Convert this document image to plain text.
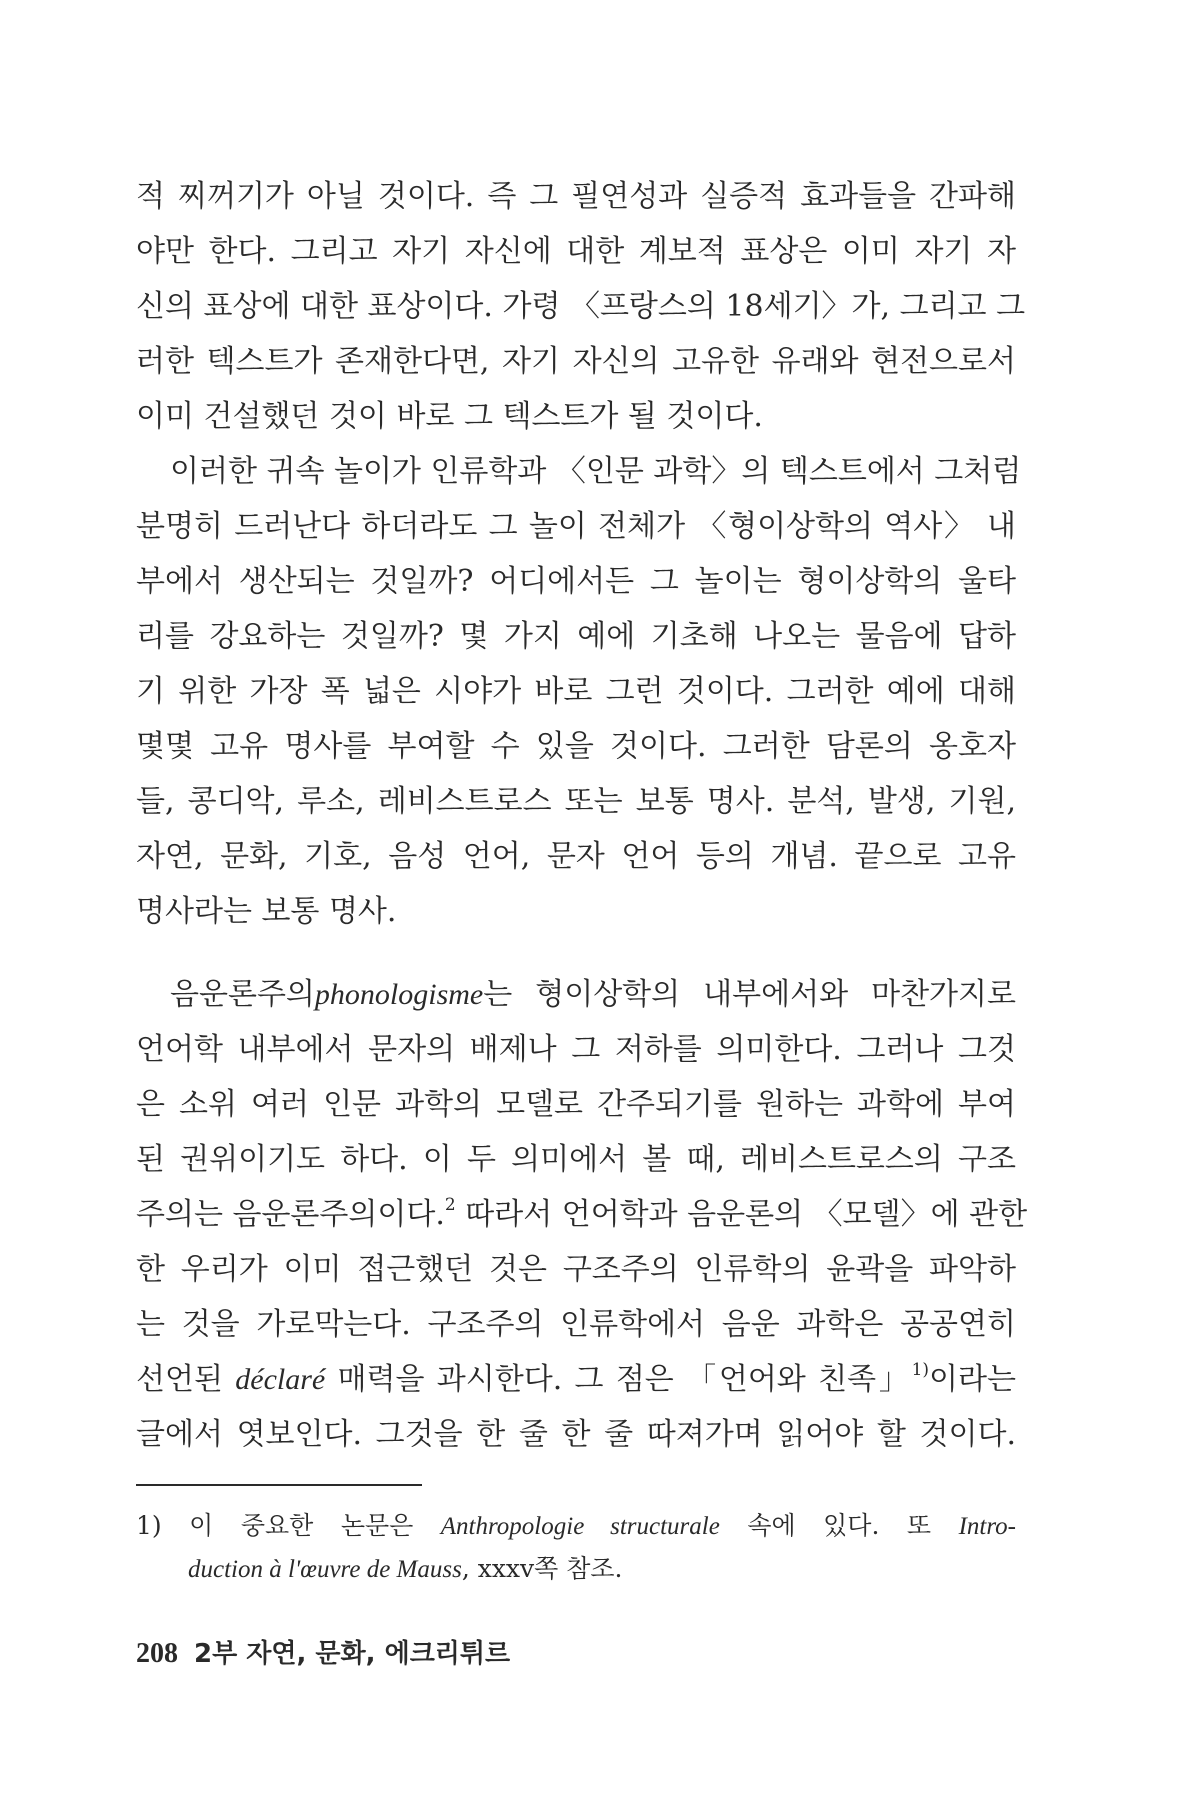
적 찌꺼기가 아닐 것이다. 즉 그 필연성과 실증적 효과들을 간파해
야만 한다. 그리고 자기 자신에 대한 계보적 표상은 이미 자기 자
신의 표상에 대한 표상이다. 가령 〈프랑스의 18세기〉가, 그리고 그
러한 텍스트가 존재한다면, 자기 자신의 고유한 유래와 현전으로서
이미 건설했던 것이 바로 그 텍스트가 될 것이다.
이러한 귀속 놀이가 인류학과 〈인문 과학〉의 텍스트에서 그처럼
분명히 드러난다 하더라도 그 놀이 전체가 〈형이상학의 역사〉 내
부에서 생산되는 것일까? 어디에서든 그 놀이는 형이상학의 울타
리를 강요하는 것일까? 몇 가지 예에 기초해 나오는 물음에 답하
기 위한 가장 폭 넓은 시야가 바로 그런 것이다. 그러한 예에 대해
몇몇 고유 명사를 부여할 수 있을 것이다. 그러한 담론의 옹호자
들, 콩디악, 루소, 레비스트로스 또는 보통 명사. 분석, 발생, 기원,
자연, 문화, 기호, 음성 언어, 문자 언어 등의 개념. 끝으로 고유
명사라는 보통 명사.
음운론주의phonologisme는 형이상학의 내부에서와 마찬가지로
언어학 내부에서 문자의 배제나 그 저하를 의미한다. 그러나 그것
은 소위 여러 인문 과학의 모델로 간주되기를 원하는 과학에 부여
된 권위이기도 하다. 이 두 의미에서 볼 때, 레비스트로스의 구조
주의는 음운론주의이다.$^2$ 따라서 언어학과 음운론의 〈모델〉에 관한
한 우리가 이미 접근했던 것은 구조주의 인류학의 윤곽을 파악하
는 것을 가로막는다. 구조주의 인류학에서 음운 과학은 공공연히
선언된 déclaré 매력을 과시한다. 그 점은 「언어와 친족」$^{1)}$이라는
글에서 엿보인다. 그것을 한 줄 한 줄 따져가며 읽어야 할 것이다.
1) 이 중요한 논문은 Anthropologie structurale 속에 있다. 또 Intro-
duction à l'œuvre de Mauss, xxxv쪽 참조.
208 2부 자연, 문화, 에크리튀르
